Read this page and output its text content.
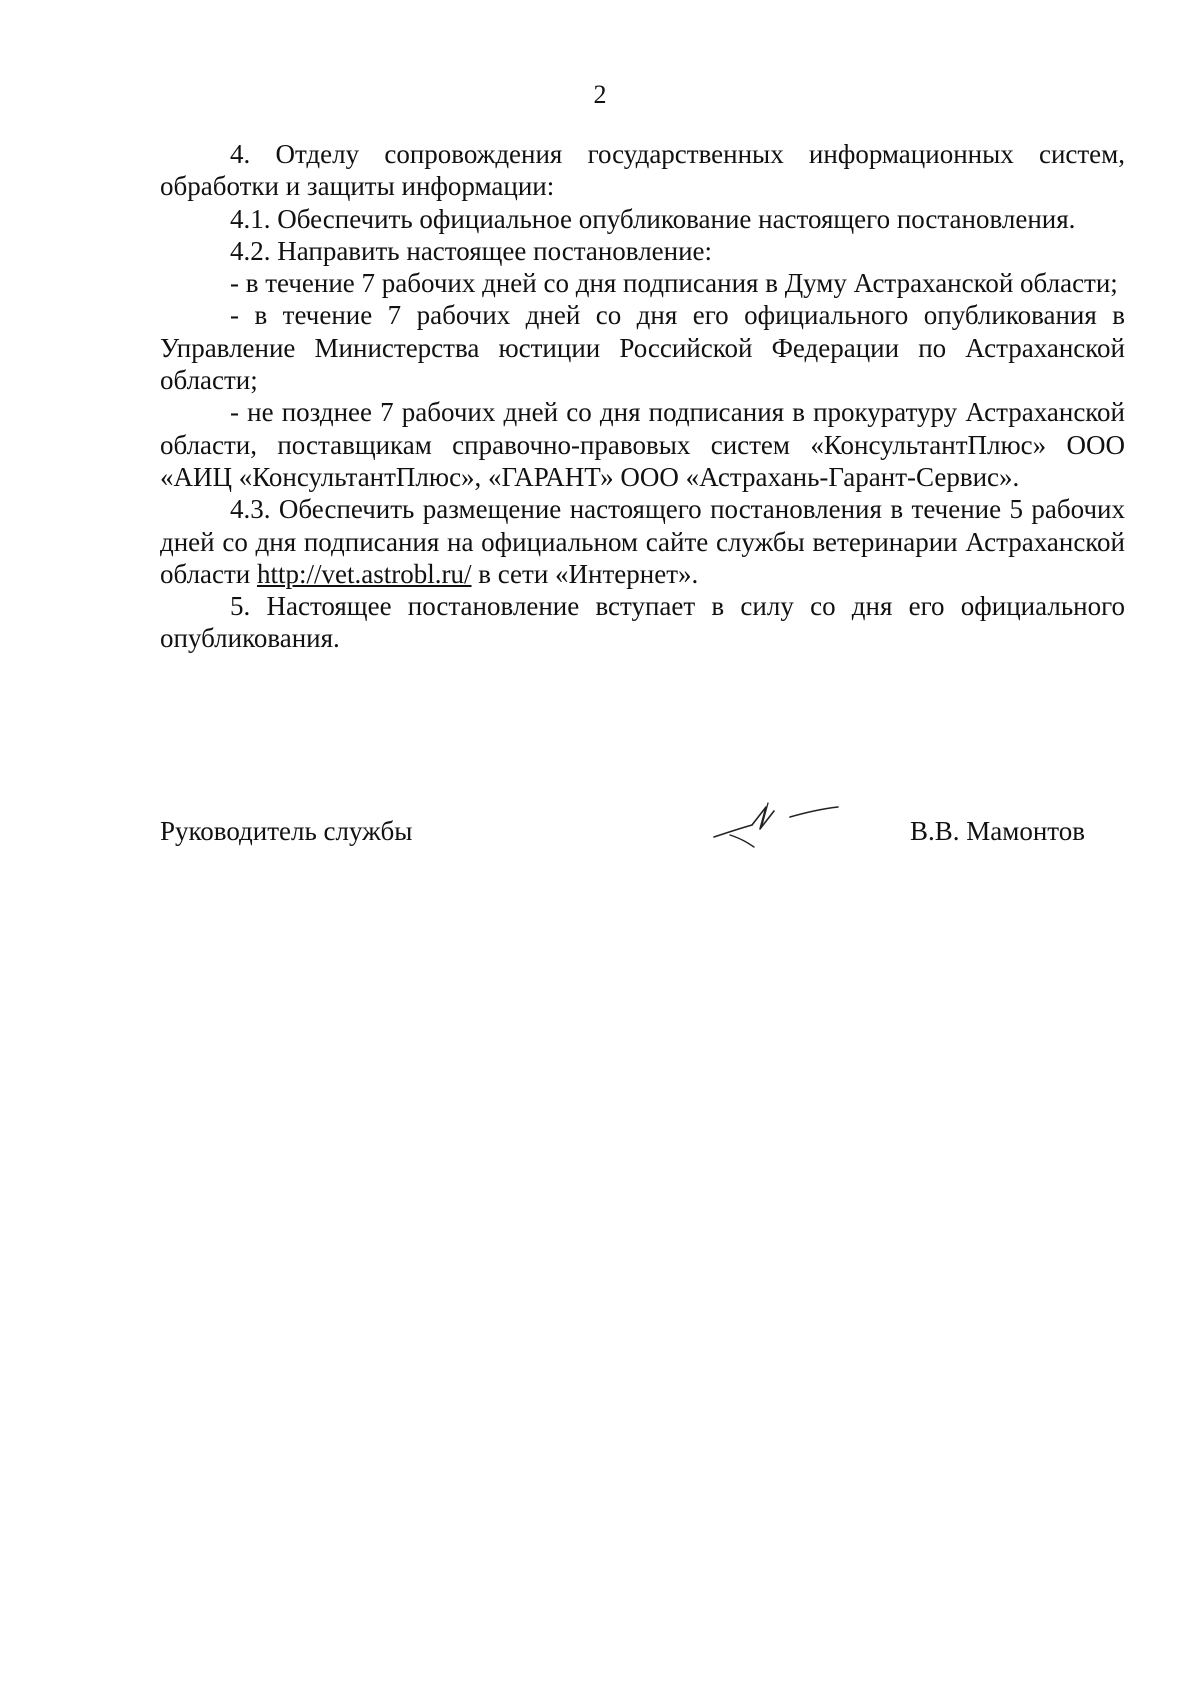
2

4. Отделу сопровождения государственных информационных систем, обработки и защиты информации:

4.1. Обеспечить официальное опубликование настоящего постановления.

4.2. Направить настоящее постановление:

- в течение 7 рабочих дней со дня подписания в Думу Астраханской области;

- в течение 7 рабочих дней со дня его официального опубликования в Управление Министерства юстиции Российской Федерации по Астраханской области;

- не позднее 7 рабочих дней со дня подписания в прокуратуру Астраханской области, поставщикам справочно-правовых систем «КонсультантПлюс» ООО «АИЦ «КонсультантПлюс», «ГАРАНТ» ООО «Астрахань-Гарант-Сервис».

4.3. Обеспечить размещение настоящего постановления в течение 5 рабочих дней со дня подписания на официальном сайте службы ветеринарии Астраханской области http://vet.astrobl.ru/ в сети «Интернет».

5. Настоящее постановление вступает в силу со дня его официального опубликования.

Руководитель службы	В.В. Мамонтов
